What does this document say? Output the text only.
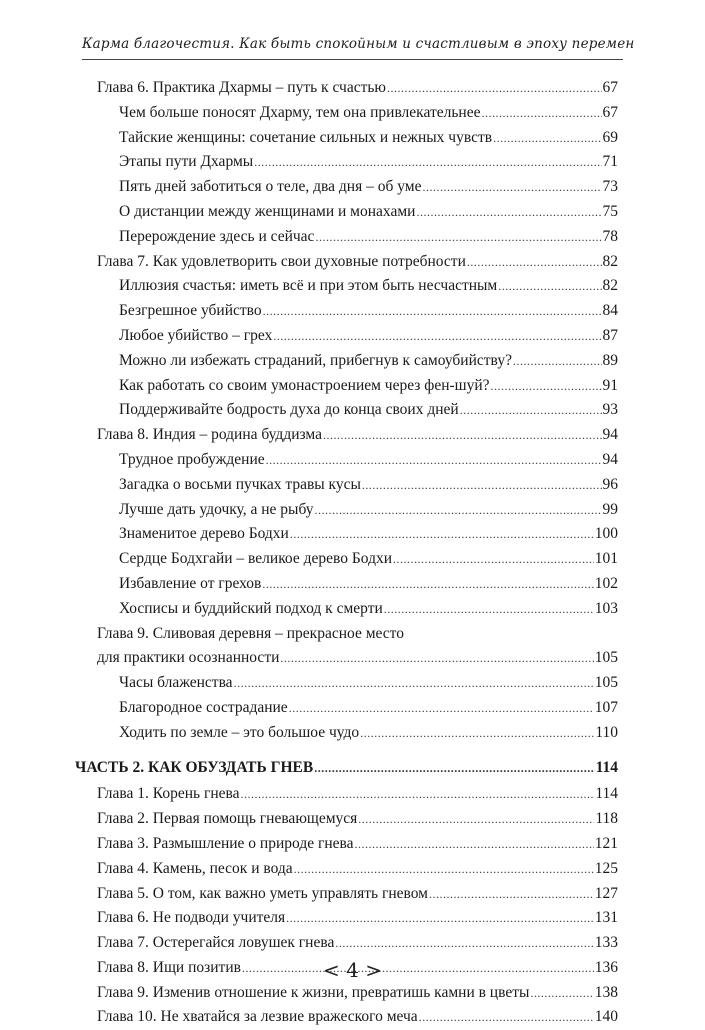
Карма благочестия. Как быть спокойным и счастливым в эпоху перемен
Глава 6. Практика Дхармы – путь к счастью .....	67
Чем больше поносят Дхарму, тем она привлекательнее .....	67
Тайские женщины: сочетание сильных и нежных чувств .....	69
Этапы пути Дхармы .....	71
Пять дней заботиться о теле, два дня – об уме .....	73
О дистанции между женщинами и монахами .....	75
Перерождение здесь и сейчас .....	78
Глава 7. Как удовлетворить свои духовные потребности .....	82
Иллюзия счастья: иметь всё и при этом быть несчастным .....	82
Безгрешное убийство .....	84
Любое убийство – грех .....	87
Можно ли избежать страданий, прибегнув к самоубийству? .....	89
Как работать со своим умонастроением через фен-шуй? .....	91
Поддерживайте бодрость духа до конца своих дней .....	93
Глава 8. Индия – родина буддизма .....	94
Трудное пробуждение .....	94
Загадка о восьми пучках травы кусы .....	96
Лучше дать удочку, а не рыбу .....	99
Знаменитое дерево Бодхи .....	100
Сердце Бодхгайи – великое дерево Бодхи .....	101
Избавление от грехов .....	102
Хосписы и буддийский подход к смерти .....	103
Глава 9. Сливовая деревня – прекрасное место
для практики осознанности .....	105
Часы блаженства .....	105
Благородное сострадание .....	107
Ходить по земле – это большое чудо .....	110
ЧАСТЬ 2. КАК ОБУЗДАТЬ ГНЕВ .....	114
Глава 1. Корень гнева .....	114
Глава 2. Первая помощь гневающемуся .....	118
Глава 3. Размышление о природе гнева .....	121
Глава 4. Камень, песок и вода .....	125
Глава 5. О том, как важно уметь управлять гневом .....	127
Глава 6. Не подводи учителя .....	131
Глава 7. Остерегайся ловушек гнева .....	133
Глава 8. Ищи позитив .....	136
Глава 9. Изменив отношение к жизни, превратишь камни в цветы .....	138
Глава 10. Не хватайся за лезвие вражеского меча .....	140
< 4 >
